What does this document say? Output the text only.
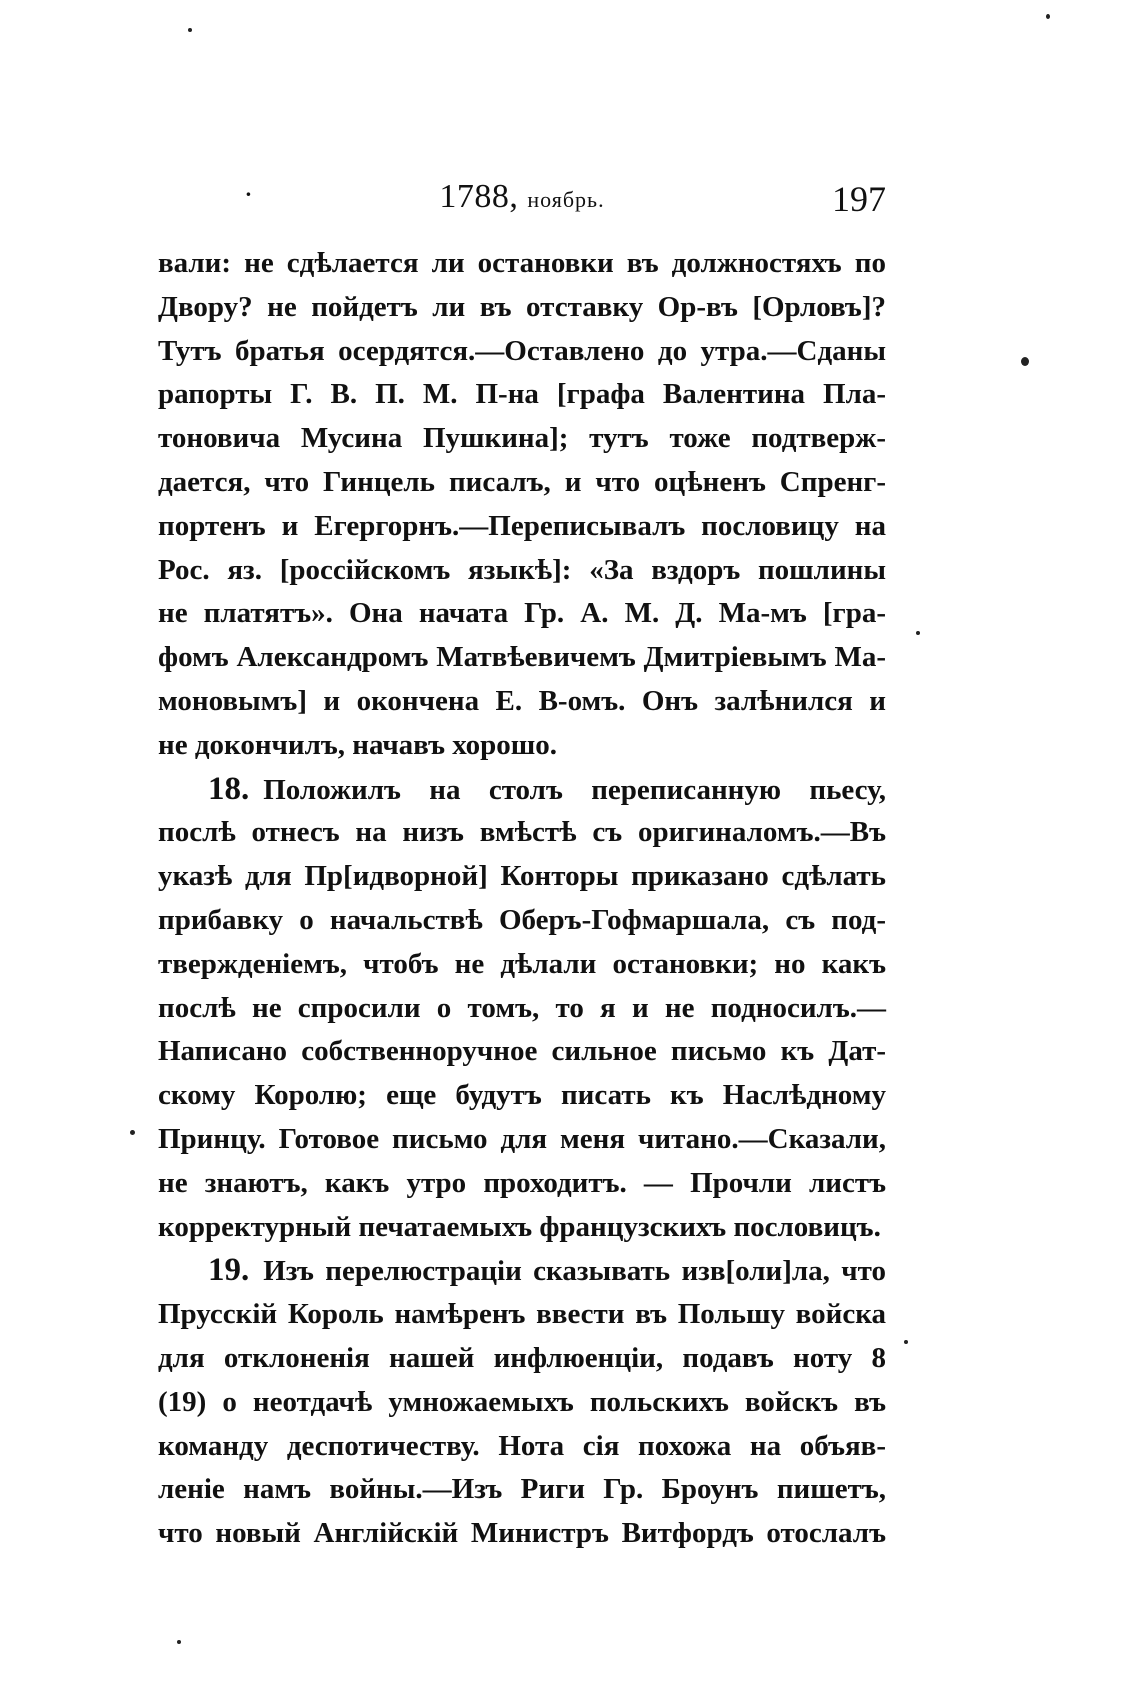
·	1788, ноябрь.	197
вали: не сдѣлается ли остановки въ должностяхъ по
Двору? не пойдетъ ли въ отставку Ор-въ [Орловъ]?
Тутъ братья осердятся.—Оставлено до утра.—Сданы
рапорты Г. В. П. М. П-на [графа Валентина Пла-
тоновича Мусина Пушкина]; тутъ тоже подтверж-
дается, что Гинцель писалъ, и что оцѣненъ Спренг-
портенъ и Егергорнъ.—Переписывалъ пословицу на
Рос. яз. [россійскомъ языкѣ]: «За вздоръ пошлины
не платятъ». Она начата Гр. А. М. Д. Ма-мъ [гра-
фомъ Александромъ Матвѣевичемъ Дмитріевымъ Ма-
моновымъ] и окончена Е. В-омъ. Онъ залѣнился и
не докончилъ, начавъ хорошо.
18. Положилъ на столъ переписанную пьесу,
послѣ отнесъ на низъ вмѣстѣ съ оригиналомъ.—Въ
указѣ для Пр[идворной] Конторы приказано сдѣлать
прибавку о начальствѣ Оберъ-Гофмаршала, съ под-
твержденіемъ, чтобъ не дѣлали остановки; но какъ
послѣ не спросили о томъ, то я и не подносилъ.—
Написано собственноручное сильное письмо къ Дат-
скому Королю; еще будутъ писать къ Наслѣдному
Принцу. Готовое письмо для меня читано.—Сказали,
не знаютъ, какъ утро проходитъ. — Прочли листъ
корректурный печатаемыхъ французскихъ пословицъ.
19. Изъ перелюстраціи сказывать изв[оли]ла, что
Прусскій Король намѣренъ ввести въ Польшу войска
для отклоненія нашей инфлюенціи, подавъ ноту 8
(19) о неотдачѣ умножаемыхъ польскихъ войскъ въ
команду деспотичеству. Нота сія похожа на объяв-
леніе намъ войны.—Изъ Риги Гр. Броунъ пишетъ,
что новый Англійскій Министръ Витфордъ отослалъ
